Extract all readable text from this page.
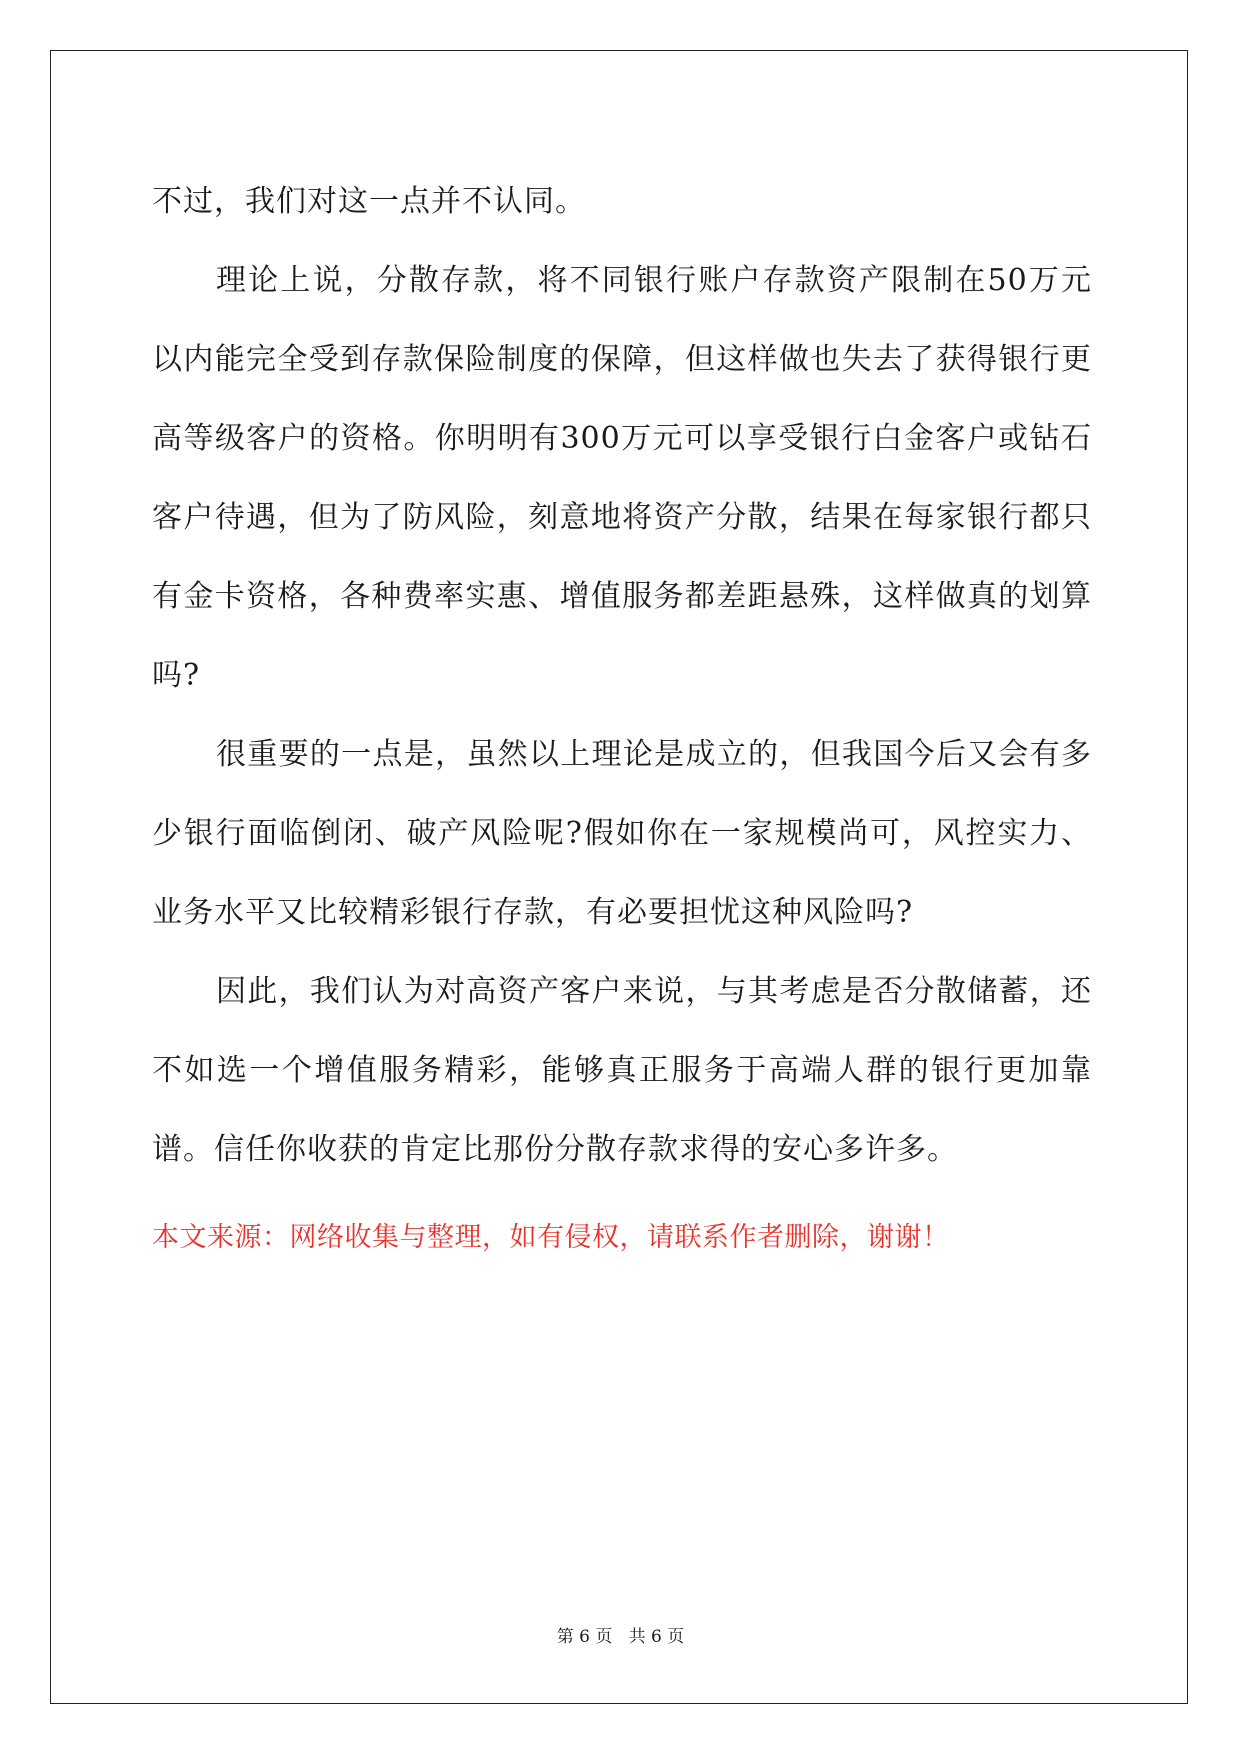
不过，我们对这一点并不认同。

理论上说，分散存款，将不同银行账户存款资产限制在50万元以内能完全受到存款保险制度的保障，但这样做也失去了获得银行更高等级客户的资格。你明明有300万元可以享受银行白金客户或钻石客户待遇，但为了防风险，刻意地将资产分散，结果在每家银行都只有金卡资格，各种费率实惠、增值服务都差距悬殊，这样做真的划算吗?

很重要的一点是，虽然以上理论是成立的，但我国今后又会有多少银行面临倒闭、破产风险呢?假如你在一家规模尚可，风控实力、业务水平又比较精彩银行存款，有必要担忧这种风险吗?

因此，我们认为对高资产客户来说，与其考虑是否分散储蓄，还不如选一个增值服务精彩，能够真正服务于高端人群的银行更加靠谱。信任你收获的肯定比那份分散存款求得的安心多许多。

本文来源：网络收集与整理，如有侵权，请联系作者删除，谢谢！
第 6 页   共 6 页
